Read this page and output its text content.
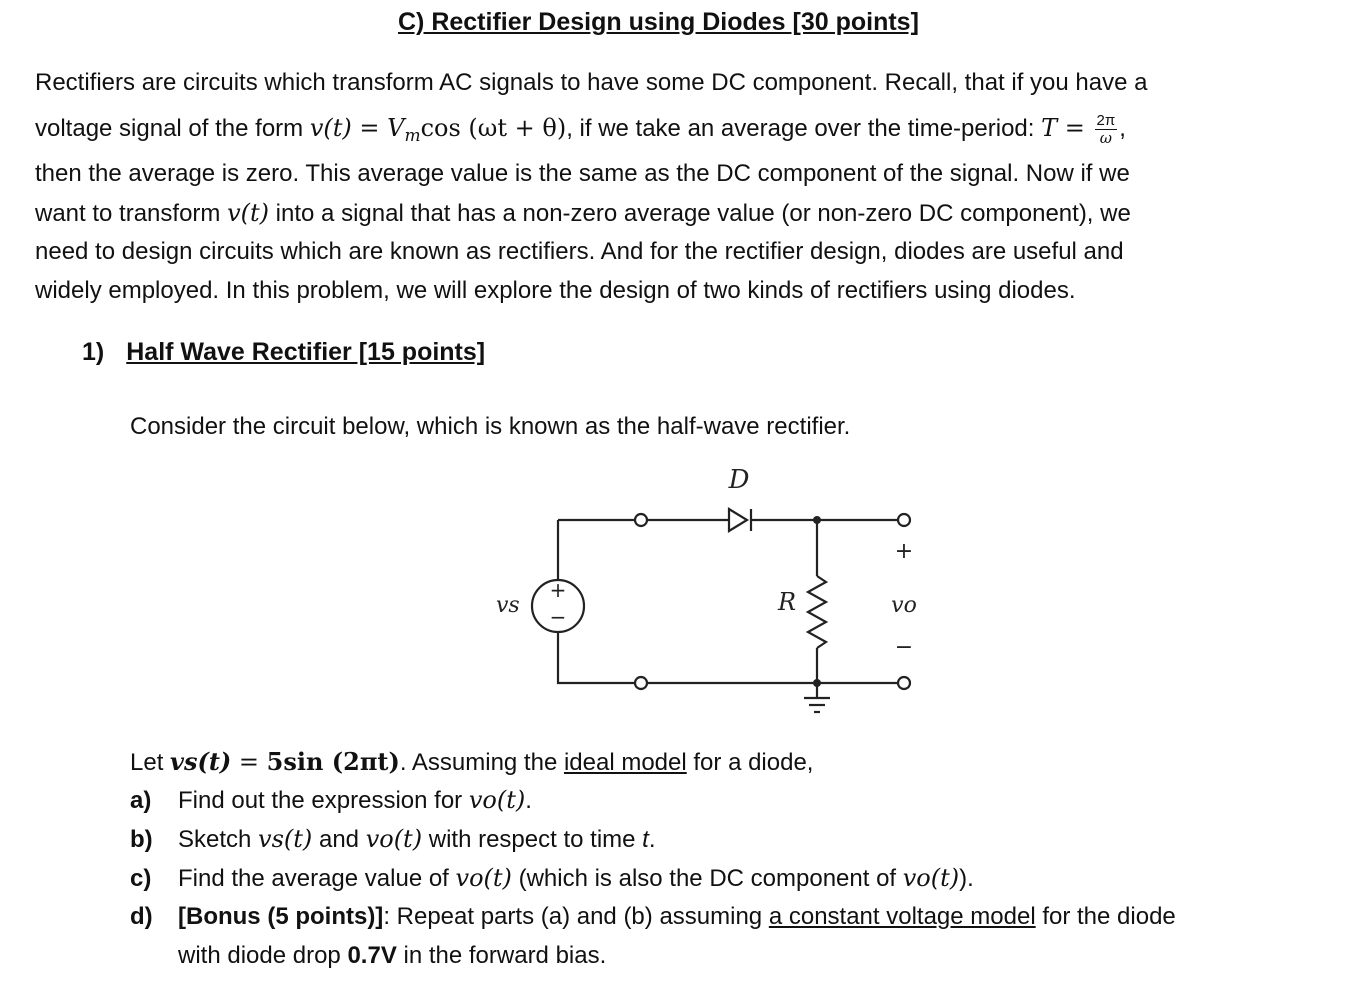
C) Rectifier Design using Diodes [30 points]
Rectifiers are circuits which transform AC signals to have some DC component. Recall, that if you have a
voltage signal of the form $v(t) = V_m\cos$ (ωt + θ), if we take an average over the time-period: $T = \frac{2\pi}{\omega}$ ,
then the average is zero. This average value is the same as the DC component of the signal. Now if we
want to transform v(t) into a signal that has a non-zero average value (or non-zero DC component), we
need to design circuits which are known as rectifiers. And for the rectifier design, diodes are useful and
widely employed. In this problem, we will explore the design of two kinds of rectifiers using diodes.
1) Half Wave Rectifier [15 points]
Consider the circuit below, which is known as the half-wave rectifier.
D
+
−
vs	R
+
vo
−
Let vs(t) = 5sin (2πt). Assuming the ideal model for a diode,
a) Find out the expression for vo(t).
b) Sketch vs(t) and vo(t) with respect to time t.
c) Find the average value of vo(t) (which is also the DC component of vo(t)).
d) [Bonus (5 points)]: Repeat parts (a) and (b) assuming a constant voltage model for the diode
with diode drop 0.7V in the forward bias.
